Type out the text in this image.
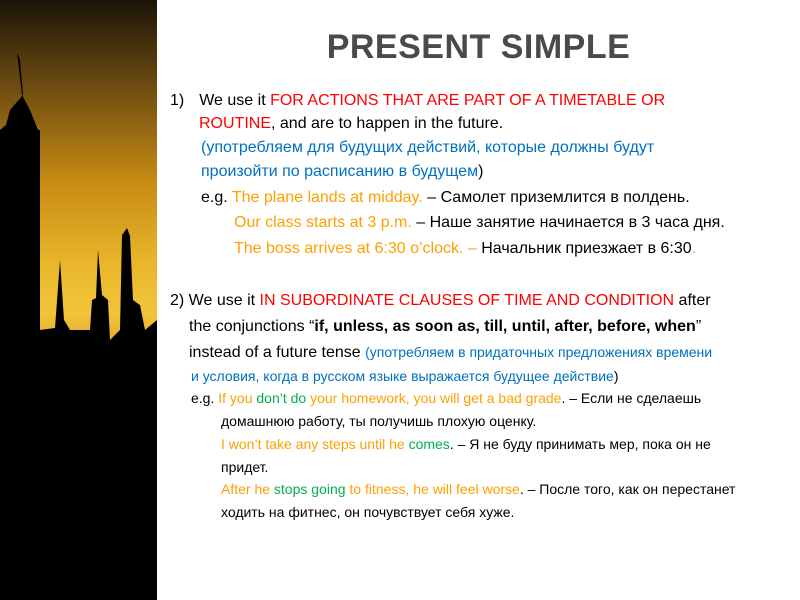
PRESENT SIMPLE
1) We use it FOR ACTIONS THAT ARE PART OF A TIMETABLE OR
ROUTINE, and are to happen in the future.
(употребляем для будущих действий, которые должны будут
произойти по расписанию в будущем)
e.g. The plane lands at midday. – Самолет приземлится в полдень.
Our class starts at 3 p.m. – Наше занятие начинается в 3 часа дня.
The boss arrives at 6:30 o’clock. – Начальник приезжает в 6:30.
2) We use it IN SUBORDINATE CLAUSES OF TIME AND CONDITION after
the conjunctions “if, unless, as soon as, till, until, after, before, when”
instead of a future tense (употребляем в придаточных предложениях времени
и условия, когда в русском языке выражается будущее действие)
e.g. If you don’t do your homework, you will get a bad grade. – Если не сделаешь
домашнюю работу, ты получишь плохую оценку.
I won’t take any steps until he comes. – Я не буду принимать мер, пока он не
придет.
After he stops going to fitness, he will feel worse. – После того, как он перестанет
ходить на фитнес, он почувствует себя хуже.
